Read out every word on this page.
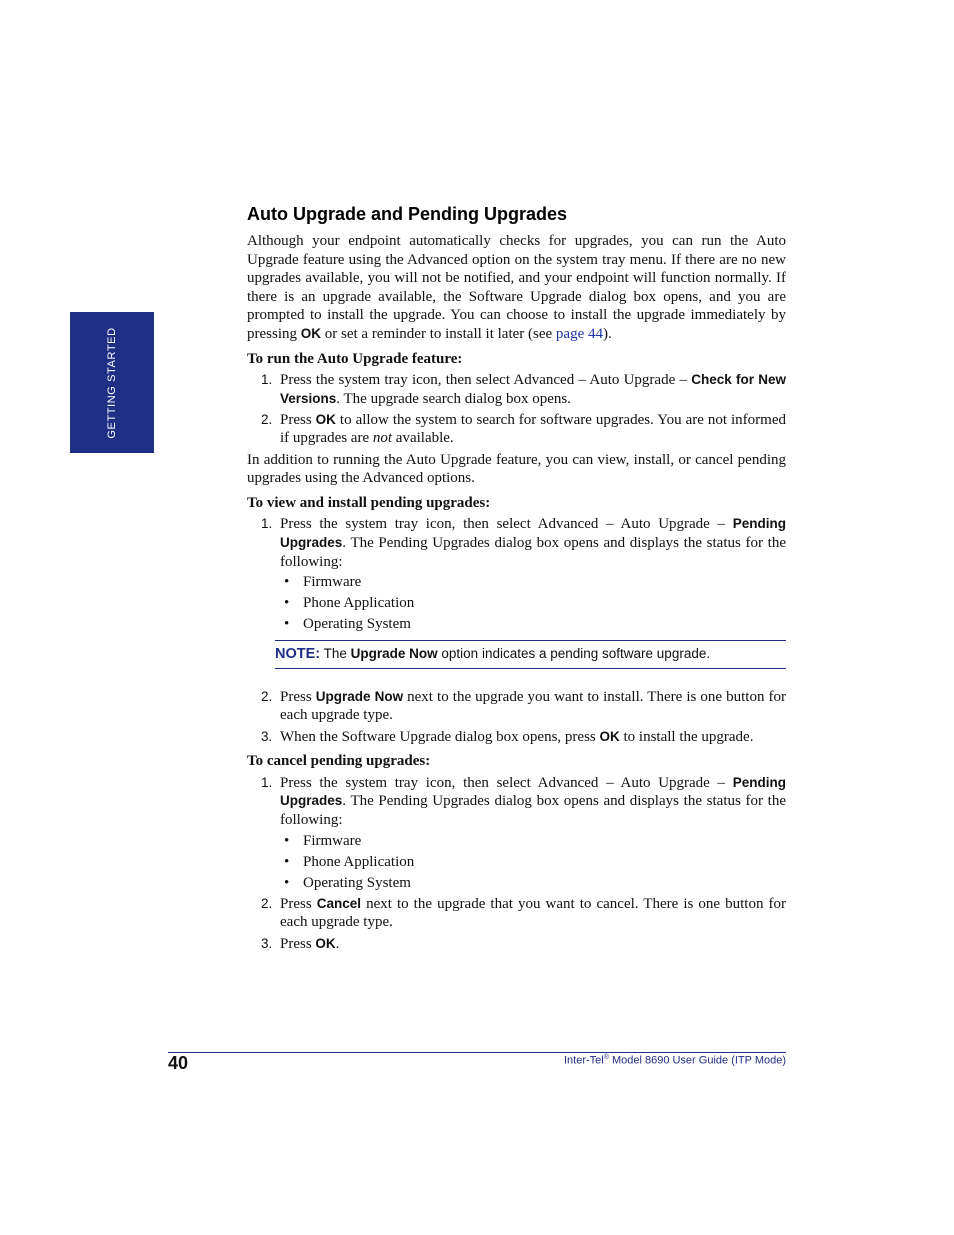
GETTING STARTED
Auto Upgrade and Pending Upgrades

Although your endpoint automatically checks for upgrades, you can run the Auto Upgrade feature using the Advanced option on the system tray menu. If there are no new upgrades available, you will not be notified, and your endpoint will function normally. If there is an upgrade available, the Software Upgrade dialog box opens, and you are prompted to install the upgrade. You can choose to install the upgrade immediately by pressing OK or set a reminder to install it later (see page 44).

To run the Auto Upgrade feature:
1. Press the system tray icon, then select Advanced – Auto Upgrade – Check for New Versions. The upgrade search dialog box opens.
2. Press OK to allow the system to search for software upgrades. You are not informed if upgrades are not available.

In addition to running the Auto Upgrade feature, you can view, install, or cancel pending upgrades using the Advanced options.

To view and install pending upgrades:
1. Press the system tray icon, then select Advanced – Auto Upgrade – Pending Upgrades. The Pending Upgrades dialog box opens and displays the status for the following:
• Firmware
• Phone Application
• Operating System
NOTE: The Upgrade Now option indicates a pending software upgrade.
2. Press Upgrade Now next to the upgrade you want to install. There is one button for each upgrade type.
3. When the Software Upgrade dialog box opens, press OK to install the upgrade.
To cancel pending upgrades:
1. Press the system tray icon, then select Advanced – Auto Upgrade – Pending Upgrades. The Pending Upgrades dialog box opens and displays the status for the following:
• Firmware
• Phone Application
• Operating System
2. Press Cancel next to the upgrade that you want to cancel. There is one button for each upgrade type.
3. Press OK.
40	Inter-Tel® Model 8690 User Guide (ITP Mode)
